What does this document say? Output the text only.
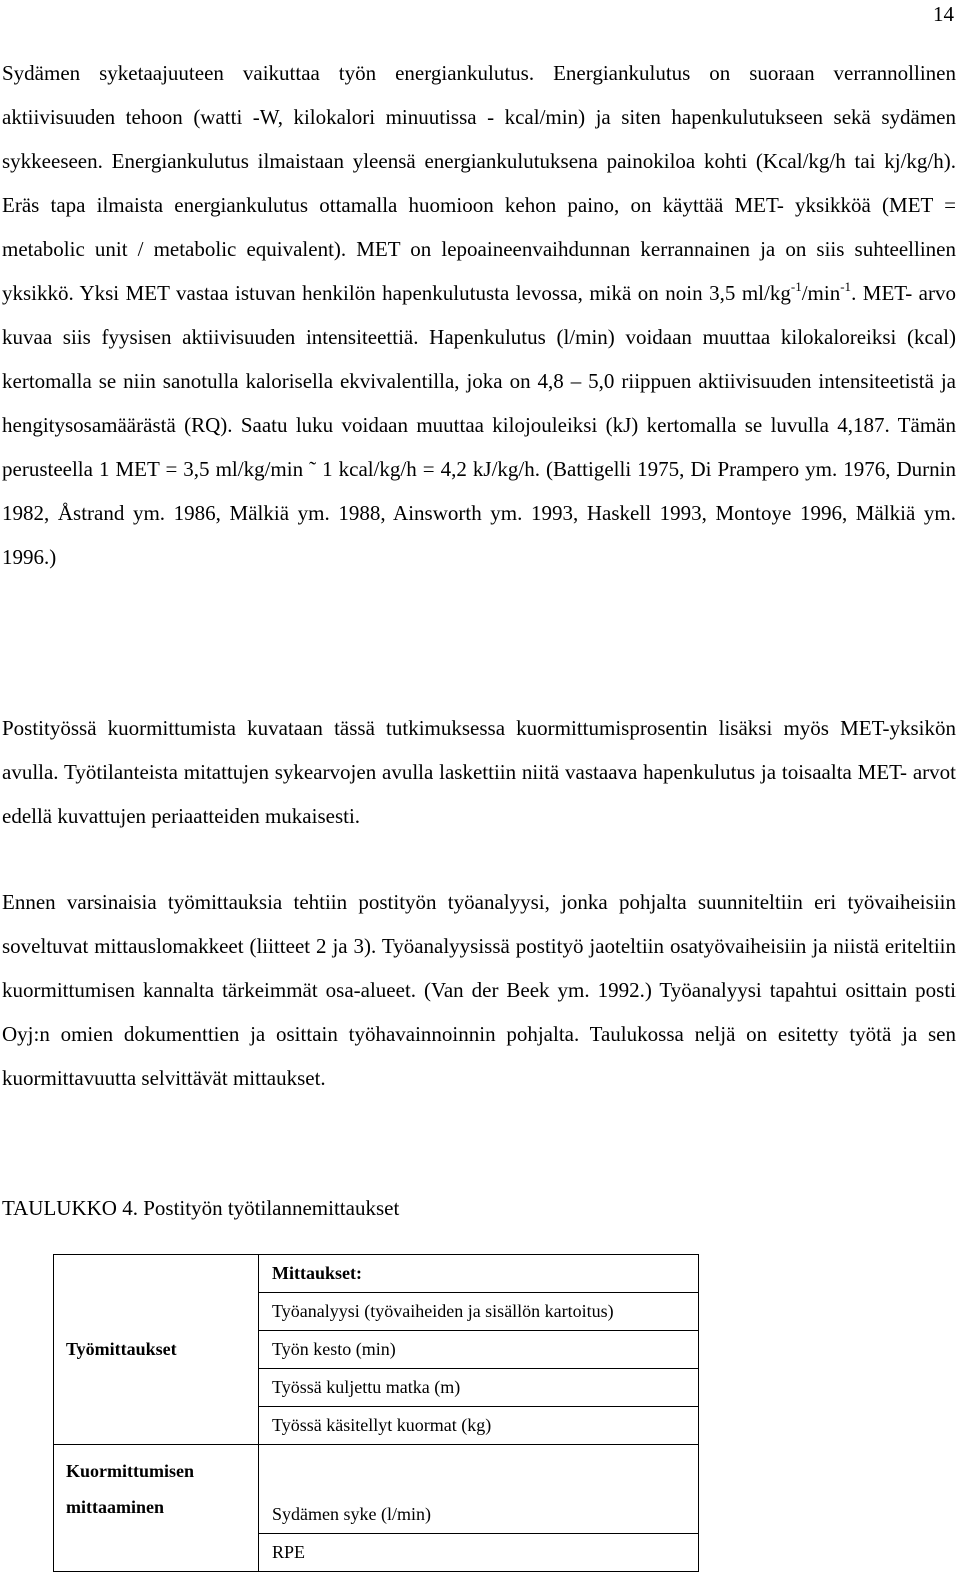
14

Sydämen syketaajuuteen vaikuttaa työn energiankulutus. Energiankulutus on suoraan verrannollinen aktiivisuuden tehoon (watti -W, kilokalori minuutissa - kcal/min) ja siten hapenkulutukseen sekä sydämen sykkeeseen. Energiankulutus ilmaistaan yleensä energiankulutuksena painokiloa kohti (Kcal/kg/h tai kj/kg/h). Eräs tapa ilmaista energiankulutus ottamalla huomioon kehon paino, on käyttää MET- yksikköä (MET = metabolic unit / metabolic equivalent). MET on lepoaineenvaihdunnan kerrannainen ja on siis suhteellinen yksikkö. Yksi MET vastaa istuvan henkilön hapenkulutusta levossa, mikä on noin 3,5 $ml/kg^{-1}/\min^{-1}$. MET- arvo kuvaa siis fyysisen aktiivisuuden intensiteettiä. Hapenkulutus (l/min) voidaan muuttaa kilokaloreiksi (kcal) kertomalla se niin sanotulla kalorisella ekvivalentilla, joka on 4,8 – 5,0 riippuen aktiivisuuden intensiteetistä ja hengitysosamäärästä (RQ). Saatu luku voidaan muuttaa kilojouleiksi (kJ) kertomalla se luvulla 4,187. Tämän perusteella 1 MET = 3,5 ml/kg/min ˜ 1 kcal/kg/h = 4,2 kJ/kg/h. (Battigelli 1975, Di Prampero ym. 1976, Durnin 1982, Åstrand ym. 1986, Mälkiä ym. 1988, Ainsworth ym. 1993, Haskell 1993, Montoye 1996, Mälkiä ym. 1996.)

Postityössä kuormittumista kuvataan tässä tutkimuksessa kuormittumisprosentin lisäksi myös MET-yksikön avulla. Työtilanteista mitattujen sykearvojen avulla laskettiin niitä vastaava hapenkulutus ja toisaalta MET- arvot edellä kuvattujen periaatteiden mukaisesti.

Ennen varsinaisia työmittauksia tehtiin postityön työanalyysi, jonka pohjalta suunniteltiin eri työvaiheisiin soveltuvat mittauslomakkeet (liitteet 2 ja 3). Työanalyysissä postityö jaoteltiin osatyövaiheisiin ja niistä eriteltiin kuormittumisen kannalta tärkeimmät osa-alueet. (Van der Beek ym. 1992.) Työanalyysi tapahtui osittain posti Oyj:n omien dokumenttien ja osittain työhavainnoinnin pohjalta. Taulukossa neljä on esitetty työtä ja sen kuormittavuutta selvittävät mittaukset.

TAULUKKO 4. Postityön työtilannemittaukset

Työmittaukset	Mittaukset:
	Työanalyysi (työvaiheiden ja sisällön kartoitus)
	Työn kesto (min)
	Työssä kuljettu matka (m)
	Työssä käsitellyt kuormat (kg)
Kuormittumisen mittaaminen	Sydämen syke (l/min)
	RPE
